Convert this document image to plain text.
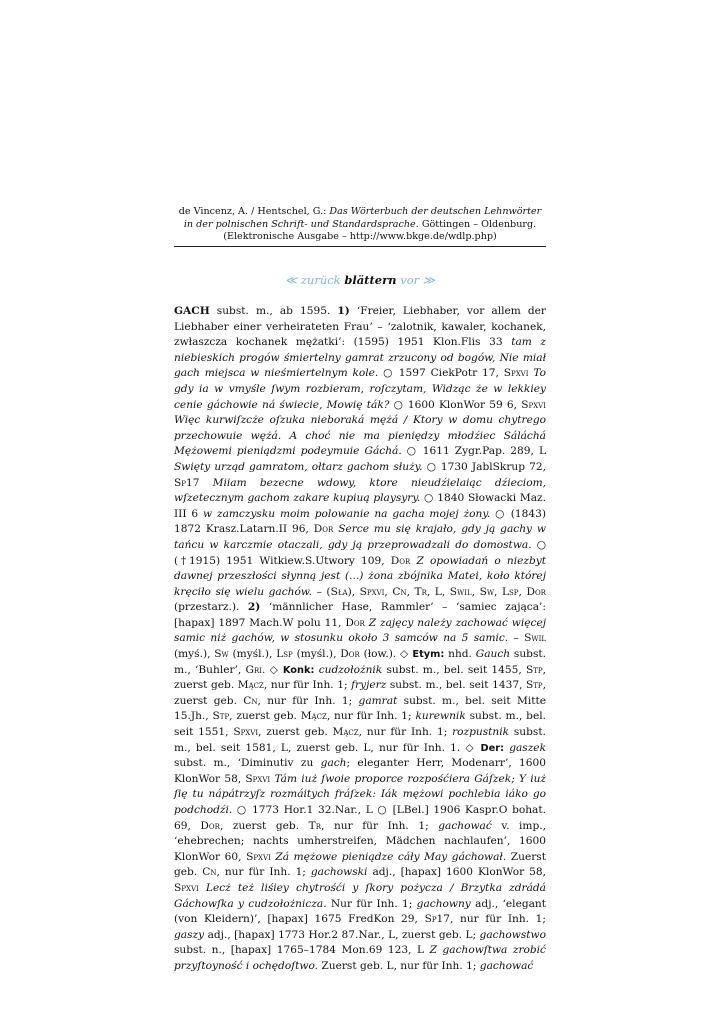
de Vincenz, A. / Hentschel, G.: Das Wörterbuch der deutschen Lehnwörter
in der polnischen Schrift- und Standardsprache. Göttingen – Oldenburg.
(Elektronische Ausgabe – http://www.bkge.de/wdlp.php)
≪ zurück blättern vor ≫
GACH subst. m., ab 1595. 1) ‘Freier, Liebhaber, vor allem der Liebhaber einer verheirateten Frau’ – ‘zalotnik, kawaler, kochanek, zwłaszcza kochanek mężatki’: (1595) 1951 Klon.Flis 33 tam z niebieskich progów śmiertelny gamrat zrzucony od bogów, Nie miał gach miejsca w nieśmiertelnym kole. ○ 1597 CiekPotr 17, Spxvi To gdy ia w vmyśle ſwym rozbieram, roſczytam, Widząc że w lekkiey cenie gáchowie ná świecie, Mowię ták? ○ 1600 KlonWor 59 6, Spxvi Więc kurwiſzcże oſzuka nieboraká mężá / Ktory w domu chytrego przechowuie wężá. A choć nie ma pieniędzy młodźiec Sáláchá Mężowemi pieniądzmi podeymuie Gáchá. ○ 1611 Zygr.Pap. 289, L Swięty urząd gamratom, ołtarz gachom służy. ○ 1730 JablSkrup 72, Sp17 Miiam bezecne wdowy, ktore nieudźielaiąc dźieciom, wſzetecznym gachom zakare kupiuą playsyry. ○ 1840 Słowacki Maz. III 6 w zamczysku moim polowanie na gacha mojej żony. ○ (1843) 1872 Krasz.Latarn.II 96, Dor Serce mu się krajało, gdy ją gachy w tańcu w karczmie otaczali, gdy ją przeprowadzali do domostwa. ○ (†1915) 1951 Witkiew.S.Utwory 109, Dor Z opowiadań o niezbyt dawnej przeszłości słynną jest (...) żona zbójnika Matei, koło której kręciło się wielu gachów. – (Sła), Spxvi, Cn, Tr, L, Swil, Sw, Lsp, Dor (przestarz.). 2) ‘männlicher Hase, Rammler’ – ‘samiec zająca’: [hapax] 1897 Mach.W polu 11, Dor Z zajęcy należy zachować więcej samic niż gachów, w stosunku około 3 samców na 5 samic. – Swil (myś.), Sw (myśl.), Lsp (myśl.), Dor (łow.). ◇ Etym: nhd. Gauch subst. m., ‘Buhler’, Gri. ◇ Konk: cudzołożnik subst. m., bel. seit 1455, Stp, zuerst geb. Mącz, nur für Inh. 1; fryjerz subst. m., bel. seit 1437, Stp, zuerst geb. Cn, nur für Inh. 1; gamrat subst. m., bel. seit Mitte 15.Jh., Stp, zuerst geb. Mącz, nur für Inh. 1; kurewnik subst. m., bel. seit 1551, Spxvi, zuerst geb. Mącz, nur für Inh. 1; rozpustnik subst. m., bel. seit 1581, L, zuerst geb. L, nur für Inh. 1. ◇ Der: gaszek subst. m., ‘Diminutiv zu gach; eleganter Herr, Modenarr’, 1600 KlonWor 58, Spxvi Tám iuż ſwoie proporce rozpośćiera Gáſzek; Y iuż ſię tu nápátrzyſz rozmáitych fráſzek: Iák mężowi pochlebia iáko go podchodźi. ○ 1773 Hor.1 32.Nar., L ○ [LBel.] 1906 Kaspr.O bohat. 69, Dor, zuerst geb. Tr, nur für Inh. 1; gachować v. imp., ‘ehebrechen; nachts umherstreifen, Mädchen nachlaufen’, 1600 KlonWor 60, Spxvi Zá mężowe pieniądze cáły May gáchował. Zuerst geb. Cn, nur für Inh. 1; gachowski adj., [hapax] 1600 KlonWor 58, Spxvi Lecż też liśiey chytrośći y ſkory pożycza / Brzytka zdrádá Gáchowſka y cudzołożnicza. Nur für Inh. 1; gachowny adj., ‘elegant (von Kleidern)’, [hapax] 1675 FredKon 29, Sp17, nur für Inh. 1; gaszy adj., [hapax] 1773 Hor.2 87.Nar., L, zuerst geb. L; gachowstwo subst. n., [hapax] 1765–1784 Mon.69 123, L Z gachowſtwa zrobić przyſtoyność i ochędoſtwo. Zuerst geb. L, nur für Inh. 1; gachować
